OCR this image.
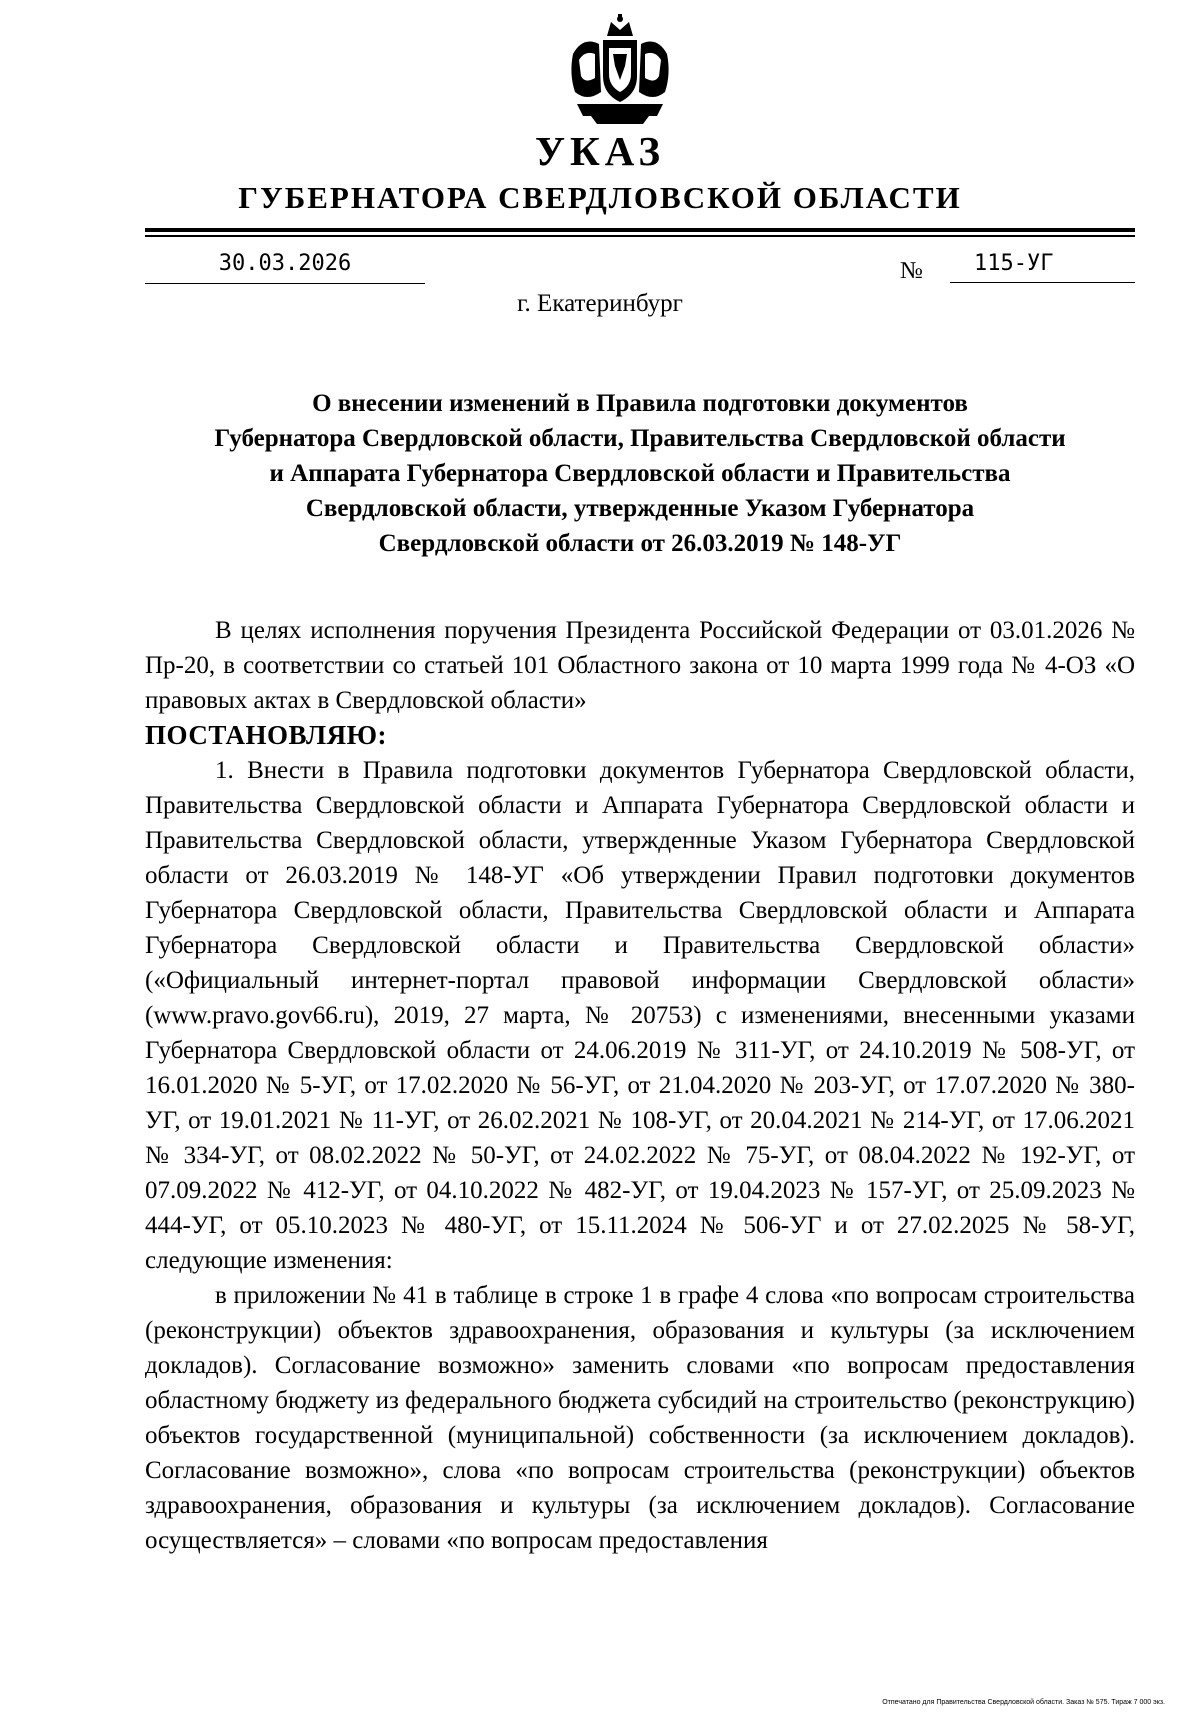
УКАЗ
ГУБЕРНАТОРА СВЕРДЛОВСКОЙ ОБЛАСТИ
30.03.2026	№	115-УГ
г. Екатеринбург
О внесении изменений в Правила подготовки документов
Губернатора Свердловской области, Правительства Свердловской области
и Аппарата Губернатора Свердловской области и Правительства
Свердловской области, утвержденные Указом Губернатора
Свердловской области от 26.03.2019 № 148-УГ

В целях исполнения поручения Президента Российской Федерации от 03.01.2026 № Пр-20, в соответствии со статьей 101 Областного закона от 10 марта 1999 года № 4-ОЗ «О правовых актах в Свердловской области»

ПОСТАНОВЛЯЮ:

1. Внести в Правила подготовки документов Губернатора Свердловской области, Правительства Свердловской области и Аппарата Губернатора Свердловской области и Правительства Свердловской области, утвержденные Указом Губернатора Свердловской области от 26.03.2019 № 148-УГ «Об утверждении Правил подготовки документов Губернатора Свердловской области, Правительства Свердловской области и Аппарата Губернатора Свердловской области и Правительства Свердловской области» («Официальный интернет-портал правовой информации Свердловской области» (www.pravo.gov66.ru), 2019, 27 марта, № 20753) с изменениями, внесенными указами Губернатора Свердловской области от 24.06.2019 № 311-УГ, от 24.10.2019 № 508-УГ, от 16.01.2020 № 5-УГ, от 17.02.2020 № 56-УГ, от 21.04.2020 № 203-УГ, от 17.07.2020 № 380-УГ, от 19.01.2021 № 11-УГ, от 26.02.2021 № 108-УГ, от 20.04.2021 № 214-УГ, от 17.06.2021 № 334-УГ, от 08.02.2022 № 50-УГ, от 24.02.2022 № 75-УГ, от 08.04.2022 № 192-УГ, от 07.09.2022 № 412-УГ, от 04.10.2022 № 482-УГ, от 19.04.2023 № 157-УГ, от 25.09.2023 № 444-УГ, от 05.10.2023 № 480-УГ, от 15.11.2024 № 506-УГ и от 27.02.2025 № 58-УГ, следующие изменения:

в приложении № 41 в таблице в строке 1 в графе 4 слова «по вопросам строительства (реконструкции) объектов здравоохранения, образования и культуры (за исключением докладов). Согласование возможно» заменить словами «по вопросам предоставления областному бюджету из федерального бюджета субсидий на строительство (реконструкцию) объектов государственной (муниципальной) собственности (за исключением докладов). Согласование возможно», слова «по вопросам строительства (реконструкции) объектов здравоохранения, образования и культуры (за исключением докладов). Согласование осуществляется» – словами «по вопросам предоставления

Отпечатано для Правительства Свердловской области. Заказ № 575. Тираж 7 000 экз.
